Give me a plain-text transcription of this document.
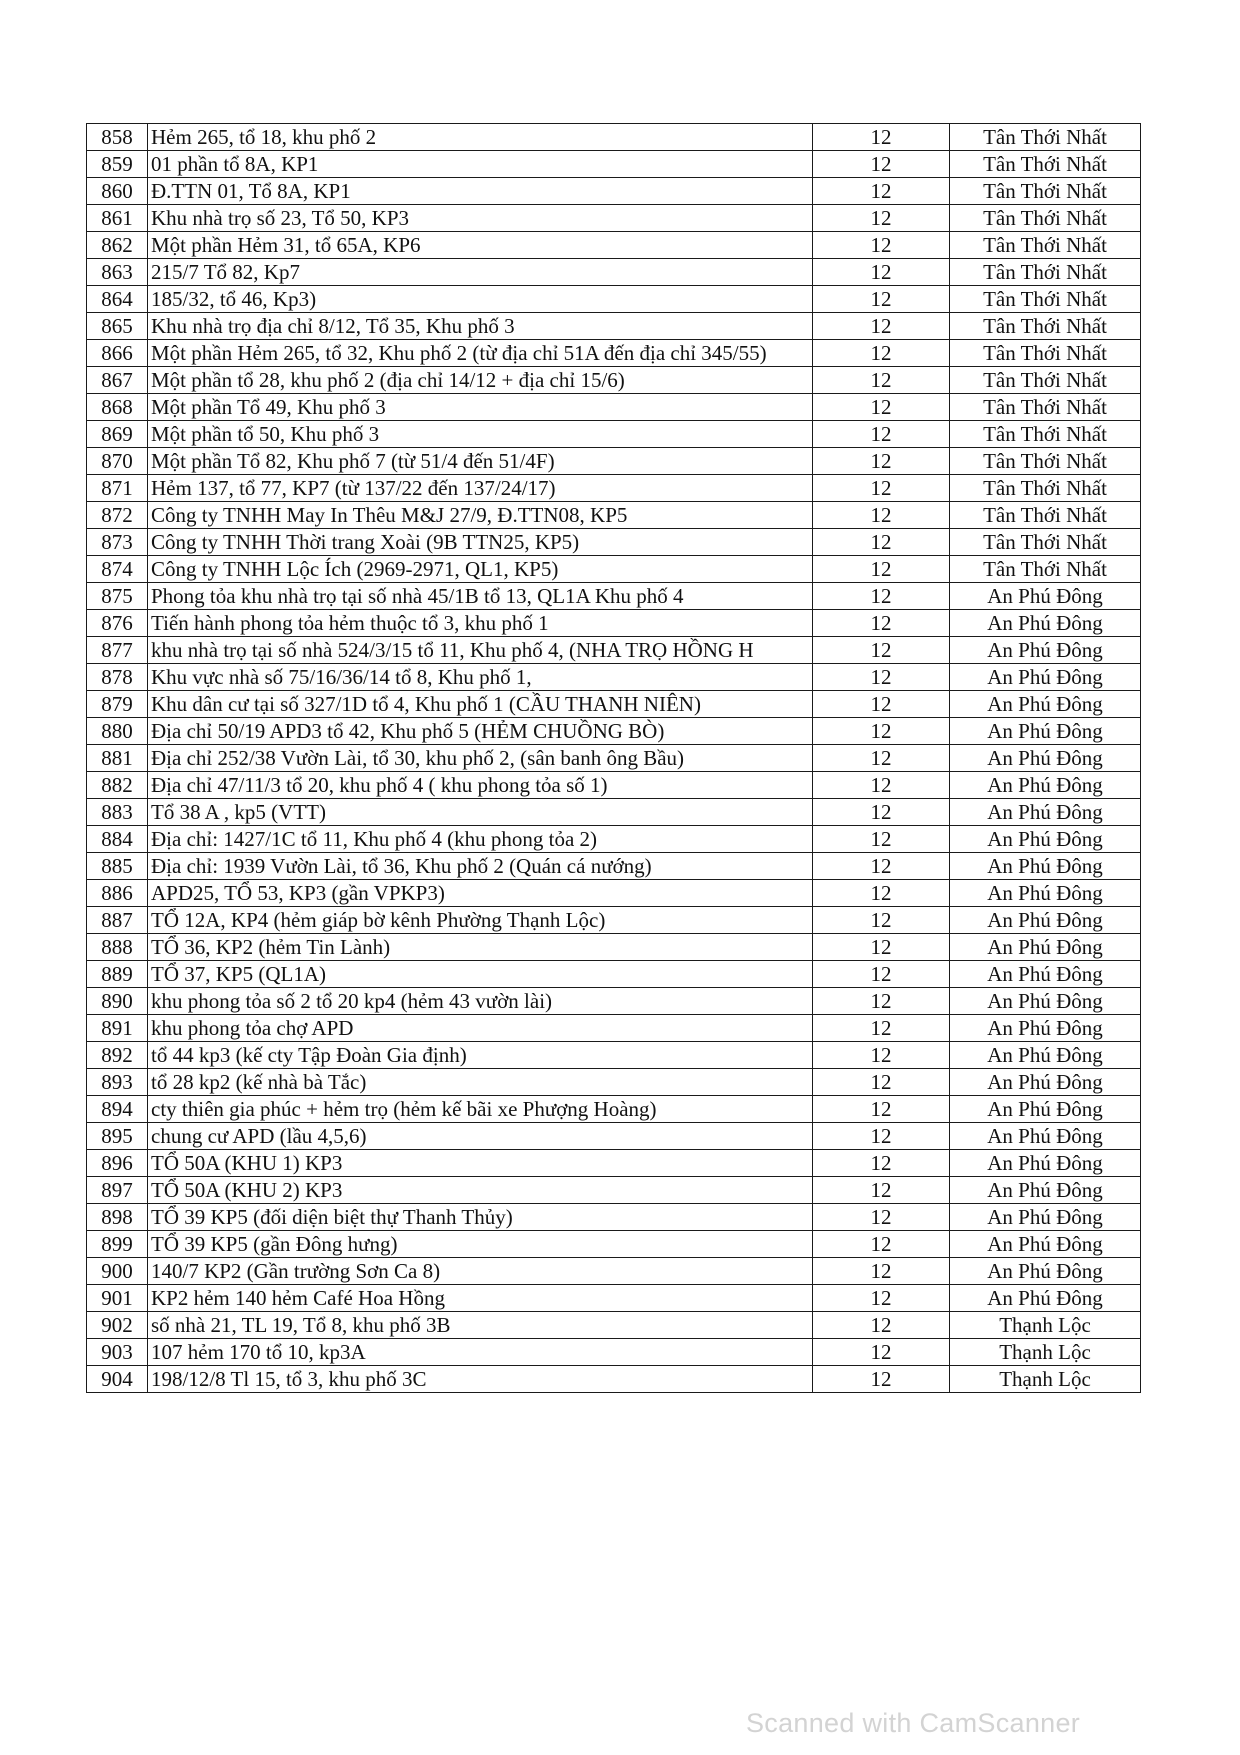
858	Hẻm 265, tổ 18, khu phố 2	12	Tân Thới Nhất
859	01 phần tổ 8A, KP1	12	Tân Thới Nhất
860	Đ.TTN 01, Tổ 8A, KP1	12	Tân Thới Nhất
861	Khu nhà trọ số 23, Tổ 50, KP3	12	Tân Thới Nhất
862	Một phần Hẻm 31, tổ 65A, KP6	12	Tân Thới Nhất
863	215/7 Tổ 82, Kp7	12	Tân Thới Nhất
864	185/32, tổ 46, Kp3)	12	Tân Thới Nhất
865	Khu nhà trọ địa chỉ 8/12, Tổ 35, Khu phố 3	12	Tân Thới Nhất
866	Một phần Hẻm 265, tổ 32, Khu phố 2 (từ địa chỉ 51A đến địa chỉ 345/55)	12	Tân Thới Nhất
867	Một phần tổ 28, khu phố 2 (địa chỉ 14/12 + địa chỉ 15/6)	12	Tân Thới Nhất
868	Một phần Tổ 49, Khu phố 3	12	Tân Thới Nhất
869	Một phần tổ 50, Khu phố 3	12	Tân Thới Nhất
870	Một phần Tổ 82, Khu phố 7 (từ 51/4 đến 51/4F)	12	Tân Thới Nhất
871	Hẻm 137, tổ 77, KP7 (từ 137/22 đến 137/24/17)	12	Tân Thới Nhất
872	Công ty TNHH May In Thêu M&J 27/9, Đ.TTN08, KP5	12	Tân Thới Nhất
873	Công ty TNHH Thời trang Xoài (9B TTN25, KP5)	12	Tân Thới Nhất
874	Công ty TNHH Lộc Ích (2969-2971, QL1, KP5)	12	Tân Thới Nhất
875	Phong tỏa khu nhà trọ tại số nhà 45/1B tổ 13, QL1A Khu phố 4	12	An Phú Đông
876	Tiến hành phong tỏa hẻm thuộc tổ 3, khu phố 1	12	An Phú Đông
877	khu nhà trọ tại số nhà 524/3/15 tổ 11, Khu phố 4, (NHA TRỌ HỒNG H	12	An Phú Đông
878	Khu vực nhà số 75/16/36/14 tổ 8, Khu phố 1,	12	An Phú Đông
879	Khu dân cư tại số 327/1D tổ 4, Khu phố 1 (CẦU THANH NIÊN)	12	An Phú Đông
880	Địa chỉ 50/19 APD3 tổ 42, Khu phố 5 (HẺM CHUỒNG BÒ)	12	An Phú Đông
881	Địa chỉ 252/38 Vườn Lài, tổ 30, khu phố 2, (sân banh ông Bầu)	12	An Phú Đông
882	Địa chỉ 47/11/3 tổ 20, khu phố 4 ( khu phong tỏa số 1)	12	An Phú Đông
883	Tổ 38 A , kp5 (VTT)	12	An Phú Đông
884	Địa chỉ: 1427/1C tổ 11, Khu phố 4 (khu phong tỏa 2)	12	An Phú Đông
885	Địa chỉ: 1939 Vườn Lài, tổ 36, Khu phố 2 (Quán cá nướng)	12	An Phú Đông
886	APD25, TỔ 53, KP3 (gần VPKP3)	12	An Phú Đông
887	TỔ 12A, KP4 (hẻm giáp bờ kênh Phường Thạnh Lộc)	12	An Phú Đông
888	TỔ 36, KP2 (hẻm Tin Lành)	12	An Phú Đông
889	TỔ 37, KP5 (QL1A)	12	An Phú Đông
890	khu phong tỏa số 2 tổ 20 kp4 (hẻm 43 vườn lài)	12	An Phú Đông
891	khu phong tỏa chợ APD	12	An Phú Đông
892	tổ 44 kp3 (kế cty Tập Đoàn Gia định)	12	An Phú Đông
893	tổ 28 kp2 (kế nhà bà Tắc)	12	An Phú Đông
894	cty thiên gia phúc + hẻm trọ (hẻm kế bãi xe Phượng Hoàng)	12	An Phú Đông
895	chung cư APD (lầu 4,5,6)	12	An Phú Đông
896	TỔ 50A (KHU 1) KP3	12	An Phú Đông
897	TỔ 50A (KHU 2) KP3	12	An Phú Đông
898	TỔ 39 KP5 (đối diện biệt thự Thanh Thủy)	12	An Phú Đông
899	TỔ 39 KP5 (gần Đông hưng)	12	An Phú Đông
900	140/7 KP2 (Gần trường Sơn Ca 8)	12	An Phú Đông
901	KP2 hẻm 140 hẻm Café Hoa Hồng	12	An Phú Đông
902	số nhà 21, TL 19, Tổ 8, khu phố 3B	12	Thạnh Lộc
903	107 hẻm 170 tổ 10, kp3A	12	Thạnh Lộc
904	198/12/8 Tl 15, tổ 3, khu phố 3C	12	Thạnh Lộc
Scanned with CamScanner
